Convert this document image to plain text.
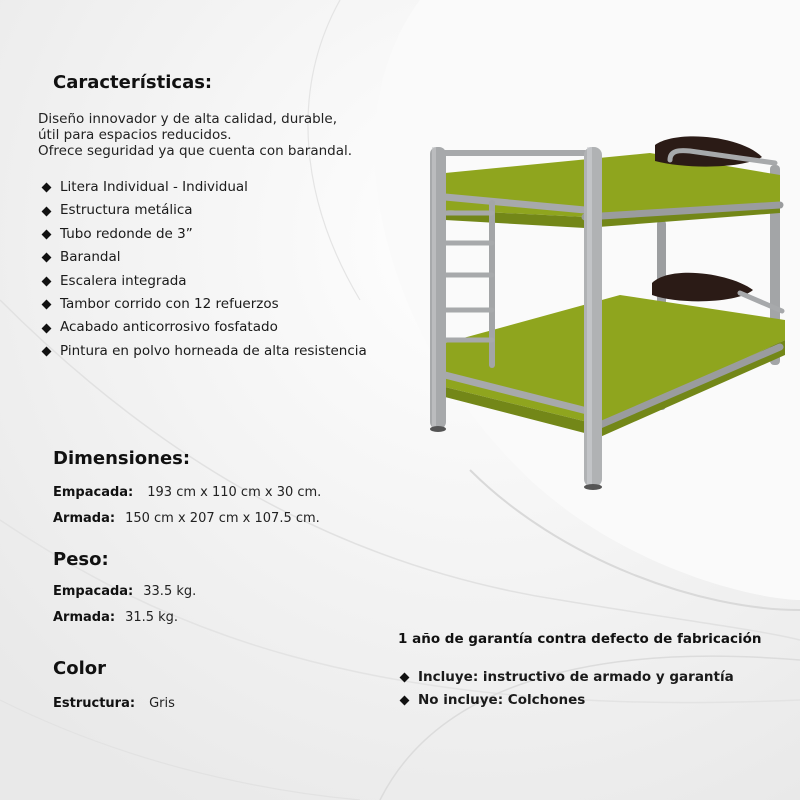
Características:
Diseño innovador y de alta calidad, durable,
útil para espacios reducidos.
Ofrece seguridad ya que cuenta con barandal.
Litera Individual - Individual
Estructura metálica
Tubo redonde de 3”
Barandal
Escalera integrada
Tambor corrido con 12 refuerzos
Acabado anticorrosivo fosfatado
Pintura en polvo horneada de alta resistencia
Dimensiones:
Empacada: 193 cm x 110 cm x 30 cm.
Armada: 150 cm x 207 cm x 107.5 cm.
Peso:
Empacada: 33.5 kg.
Armada: 31.5 kg.
Color
Estructura: Gris
1 año de garantía contra defecto de fabricación
Incluye: instructivo de armado y garantía
No incluye: Colchones
